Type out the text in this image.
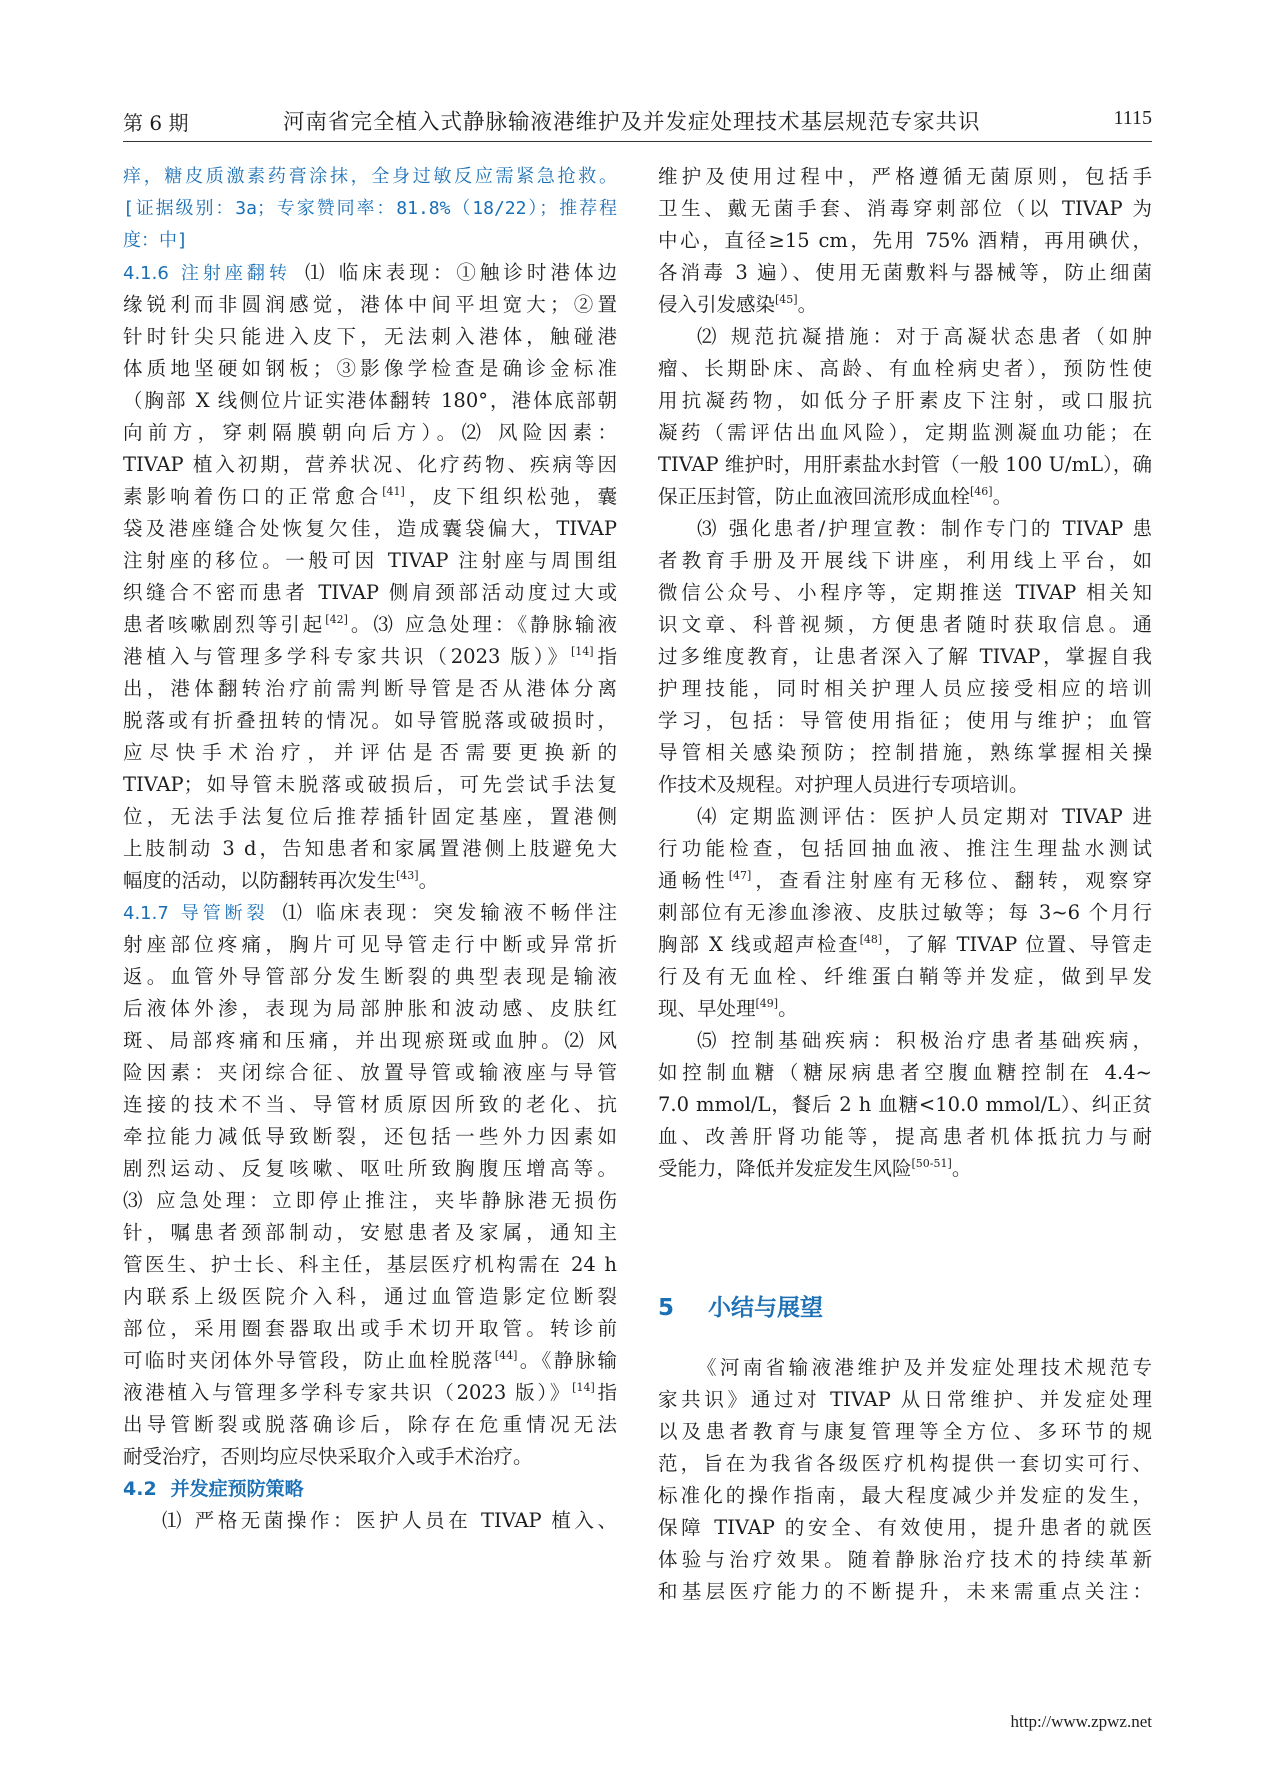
第 6 期	河南省完全植入式静脉输液港维护及并发症处理技术基层规范专家共识	1115
痒，糖皮质激素药膏涂抹，全身过敏反应需紧急抢救。
[证据级别：3a；专家赞同率：81.8%（18/22）；推荐程
度：中]
4.1.6 注射座翻转 ⑴ 临床表现：①触诊时港体边
缘锐利而非圆润感觉，港体中间平坦宽大；②置
针时针尖只能进入皮下，无法刺入港体，触碰港
体质地坚硬如钢板；③影像学检查是确诊金标准
（胸部 X 线侧位片证实港体翻转 180°，港体底部朝
向前方，穿刺隔膜朝向后方）。⑵ 风险因素：
TIVAP 植入初期，营养状况、化疗药物、疾病等因
素影响着伤口的正常愈合[41]，皮下组织松弛，囊
袋及港座缝合处恢复欠佳，造成囊袋偏大，TIVAP
注射座的移位。一般可因 TIVAP 注射座与周围组
织缝合不密而患者 TIVAP 侧肩颈部活动度过大或
患者咳嗽剧烈等引起[42]。⑶ 应急处理：《静脉输液
港植入与管理多学科专家共识（2023 版）》[14]指
出，港体翻转治疗前需判断导管是否从港体分离
脱落或有折叠扭转的情况。如导管脱落或破损时，
应尽快手术治疗，并评估是否需要更换新的
TIVAP；如导管未脱落或破损后，可先尝试手法复
位，无法手法复位后推荐插针固定基座，置港侧
上肢制动 3 d，告知患者和家属置港侧上肢避免大
幅度的活动，以防翻转再次发生[43]。
4.1.7 导管断裂 ⑴ 临床表现：突发输液不畅伴注
射座部位疼痛，胸片可见导管走行中断或异常折
返。血管外导管部分发生断裂的典型表现是输液
后液体外渗，表现为局部肿胀和波动感、皮肤红
斑、局部疼痛和压痛，并出现瘀斑或血肿。⑵ 风
险因素：夹闭综合征、放置导管或输液座与导管
连接的技术不当、导管材质原因所致的老化、抗
牵拉能力减低导致断裂，还包括一些外力因素如
剧烈运动、反复咳嗽、呕吐所致胸腹压增高等。
⑶ 应急处理：立即停止推注，夹毕静脉港无损伤
针，嘱患者颈部制动，安慰患者及家属，通知主
管医生、护士长、科主任，基层医疗机构需在 24 h
内联系上级医院介入科，通过血管造影定位断裂
部位，采用圈套器取出或手术切开取管。转诊前
可临时夹闭体外导管段，防止血栓脱落[44]。《静脉输
液港植入与管理多学科专家共识（2023 版）》[14]指
出导管断裂或脱落确诊后，除存在危重情况无法
耐受治疗，否则均应尽快采取介入或手术治疗。
4.2 并发症预防策略
⑴ 严格无菌操作：医护人员在 TIVAP 植入、
维护及使用过程中，严格遵循无菌原则，包括手
卫生、戴无菌手套、消毒穿刺部位（以 TIVAP 为
中心，直径≥15 cm，先用 75% 酒精，再用碘伏，
各消毒 3 遍）、使用无菌敷料与器械等，防止细菌
侵入引发感染[45]。
⑵ 规范抗凝措施：对于高凝状态患者（如肿
瘤、长期卧床、高龄、有血栓病史者），预防性使
用抗凝药物，如低分子肝素皮下注射，或口服抗
凝药（需评估出血风险），定期监测凝血功能；在
TIVAP 维护时，用肝素盐水封管（一般 100 U/mL），确
保正压封管，防止血液回流形成血栓[46]。
⑶ 强化患者/护理宣教：制作专门的 TIVAP 患
者教育手册及开展线下讲座，利用线上平台，如
微信公众号、小程序等，定期推送 TIVAP 相关知
识文章、科普视频，方便患者随时获取信息。通
过多维度教育，让患者深入了解 TIVAP，掌握自我
护理技能，同时相关护理人员应接受相应的培训
学习，包括：导管使用指征；使用与维护；血管
导管相关感染预防；控制措施，熟练掌握相关操
作技术及规程。对护理人员进行专项培训。
⑷ 定期监测评估：医护人员定期对 TIVAP 进
行功能检查，包括回抽血液、推注生理盐水测试
通畅性[47]，查看注射座有无移位、翻转，观察穿
刺部位有无渗血渗液、皮肤过敏等；每 3~6 个月行
胸部 X 线或超声检查[48]，了解 TIVAP 位置、导管走
行及有无血栓、纤维蛋白鞘等并发症，做到早发
现、早处理[49]。
⑸ 控制基础疾病：积极治疗患者基础疾病，
如控制血糖（糖尿病患者空腹血糖控制在 4.4~
7.0 mmol/L，餐后 2 h 血糖<10.0 mmol/L）、纠正贫
血、改善肝肾功能等，提高患者机体抵抗力与耐
受能力，降低并发症发生风险[50-51]。
5 小结与展望
《河南省输液港维护及并发症处理技术规范专
家共识》通过对 TIVAP 从日常维护、并发症处理
以及患者教育与康复管理等全方位、多环节的规
范，旨在为我省各级医疗机构提供一套切实可行、
标准化的操作指南，最大程度减少并发症的发生，
保障 TIVAP 的安全、有效使用，提升患者的就医
体验与治疗效果。随着静脉治疗技术的持续革新
和基层医疗能力的不断提升，未来需重点关注：
http://www.zpwz.net
